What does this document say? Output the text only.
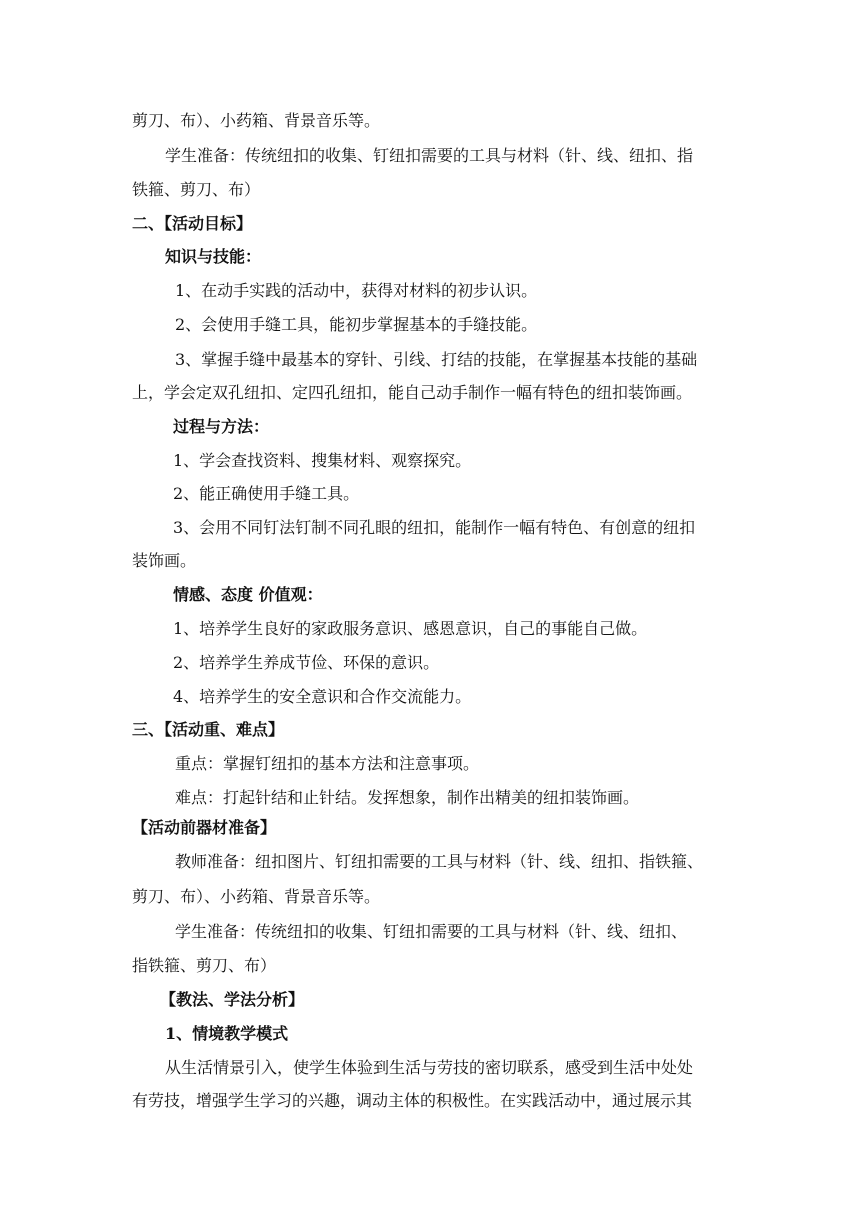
剪刀、布）、小药箱、背景音乐等。
学生准备：传统纽扣的收集、钉纽扣需要的工具与材料（针、线、纽扣、指
铁箍、剪刀、布）
二、【活动目标】
知识与技能：
1、在动手实践的活动中，获得对材料的初步认识。
2、会使用手缝工具，能初步掌握基本的手缝技能。
3、掌握手缝中最基本的穿针、引线、打结的技能，在掌握基本技能的基础
上，学会定双孔纽扣、定四孔纽扣，能自己动手制作一幅有特色的纽扣装饰画。
过程与方法：
1、学会查找资料、搜集材料、观察探究。
2、能正确使用手缝工具。
3、会用不同钉法钉制不同孔眼的纽扣，能制作一幅有特色、有创意的纽扣
装饰画。
情感、态度 价值观：
1、培养学生良好的家政服务意识、感恩意识，自己的事能自己做。
2、培养学生养成节俭、环保的意识。
4、培养学生的安全意识和合作交流能力。
三、【活动重、难点】
重点：掌握钉纽扣的基本方法和注意事项。
难点：打起针结和止针结。发挥想象，制作出精美的纽扣装饰画。
【活动前器材准备】
教师准备：纽扣图片、钉纽扣需要的工具与材料（针、线、纽扣、指铁箍、
剪刀、布）、小药箱、背景音乐等。
学生准备：传统纽扣的收集、钉纽扣需要的工具与材料（针、线、纽扣、
指铁箍、剪刀、布）
【教法、学法分析】
1、情境教学模式
从生活情景引入，使学生体验到生活与劳技的密切联系，感受到生活中处处
有劳技，增强学生学习的兴趣，调动主体的积极性。在实践活动中，通过展示其
